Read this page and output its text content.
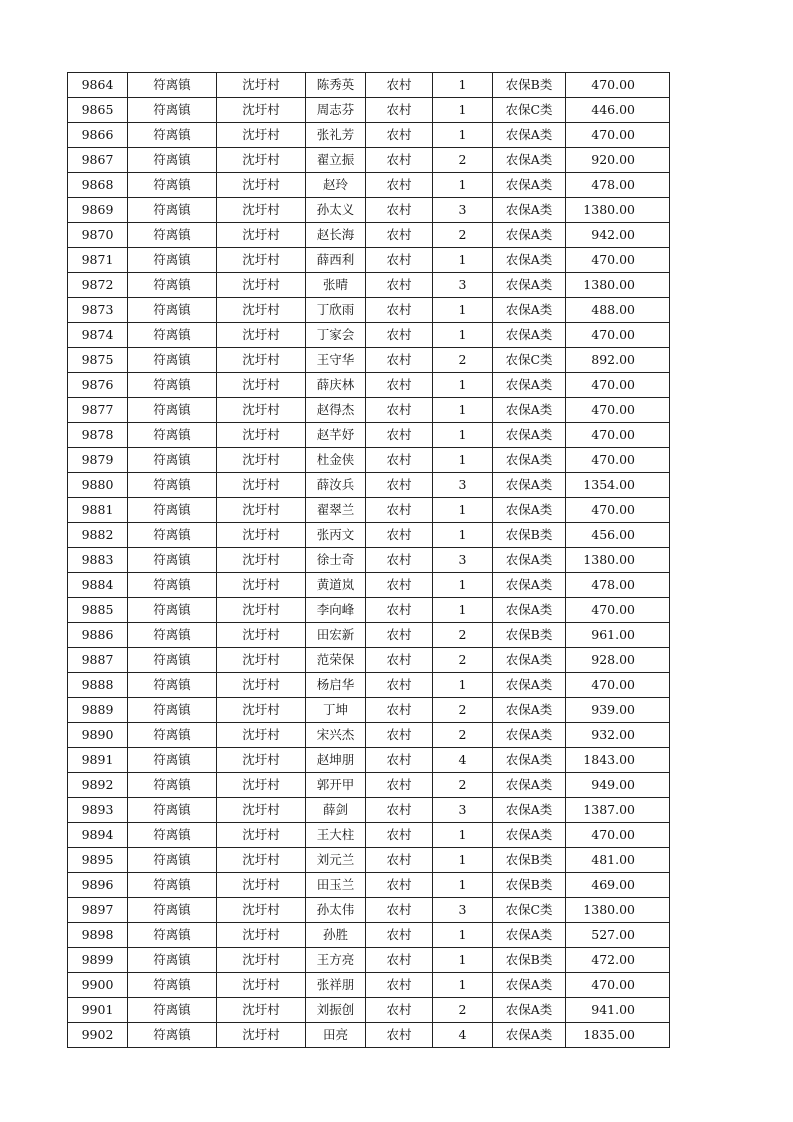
9864	符离镇	沈圩村	陈秀英	农村	1	农保B类	470.00
9865	符离镇	沈圩村	周志芬	农村	1	农保C类	446.00
9866	符离镇	沈圩村	张礼芳	农村	1	农保A类	470.00
9867	符离镇	沈圩村	翟立振	农村	2	农保A类	920.00
9868	符离镇	沈圩村	赵玲	农村	1	农保A类	478.00
9869	符离镇	沈圩村	孙太义	农村	3	农保A类	1380.00
9870	符离镇	沈圩村	赵长海	农村	2	农保A类	942.00
9871	符离镇	沈圩村	薛西利	农村	1	农保A类	470.00
9872	符离镇	沈圩村	张晴	农村	3	农保A类	1380.00
9873	符离镇	沈圩村	丁欣雨	农村	1	农保A类	488.00
9874	符离镇	沈圩村	丁家会	农村	1	农保A类	470.00
9875	符离镇	沈圩村	王守华	农村	2	农保C类	892.00
9876	符离镇	沈圩村	薛庆林	农村	1	农保A类	470.00
9877	符离镇	沈圩村	赵得杰	农村	1	农保A类	470.00
9878	符离镇	沈圩村	赵芊妤	农村	1	农保A类	470.00
9879	符离镇	沈圩村	杜金侠	农村	1	农保A类	470.00
9880	符离镇	沈圩村	薛汝兵	农村	3	农保A类	1354.00
9881	符离镇	沈圩村	翟翠兰	农村	1	农保A类	470.00
9882	符离镇	沈圩村	张丙文	农村	1	农保B类	456.00
9883	符离镇	沈圩村	徐士奇	农村	3	农保A类	1380.00
9884	符离镇	沈圩村	黄道岚	农村	1	农保A类	478.00
9885	符离镇	沈圩村	李向峰	农村	1	农保A类	470.00
9886	符离镇	沈圩村	田宏新	农村	2	农保B类	961.00
9887	符离镇	沈圩村	范荣保	农村	2	农保A类	928.00
9888	符离镇	沈圩村	杨启华	农村	1	农保A类	470.00
9889	符离镇	沈圩村	丁坤	农村	2	农保A类	939.00
9890	符离镇	沈圩村	宋兴杰	农村	2	农保A类	932.00
9891	符离镇	沈圩村	赵坤朋	农村	4	农保A类	1843.00
9892	符离镇	沈圩村	郭开甲	农村	2	农保A类	949.00
9893	符离镇	沈圩村	薛剑	农村	3	农保A类	1387.00
9894	符离镇	沈圩村	王大柱	农村	1	农保A类	470.00
9895	符离镇	沈圩村	刘元兰	农村	1	农保B类	481.00
9896	符离镇	沈圩村	田玉兰	农村	1	农保B类	469.00
9897	符离镇	沈圩村	孙太伟	农村	3	农保C类	1380.00
9898	符离镇	沈圩村	孙胜	农村	1	农保A类	527.00
9899	符离镇	沈圩村	王方亮	农村	1	农保B类	472.00
9900	符离镇	沈圩村	张祥朋	农村	1	农保A类	470.00
9901	符离镇	沈圩村	刘振创	农村	2	农保A类	941.00
9902	符离镇	沈圩村	田亮	农村	4	农保A类	1835.00
